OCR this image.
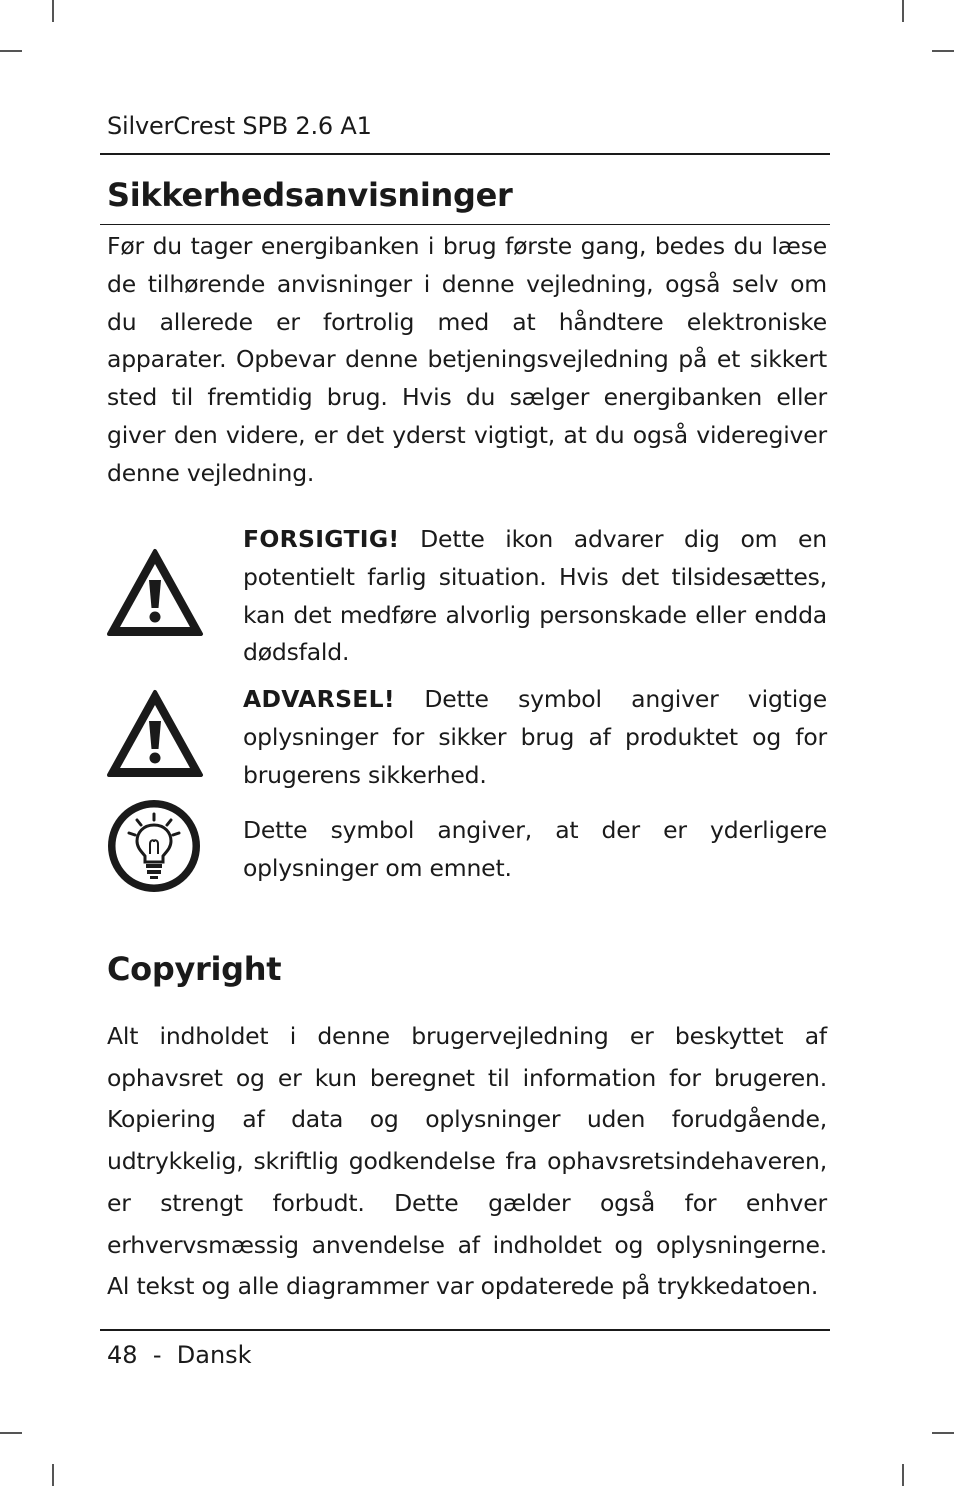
SilverCrest SPB 2.6 A1
Sikkerhedsanvisninger

Før du tager energibanken i brug første gang, bedes du læse de tilhørende anvisninger i denne vejledning, også selv om du allerede er fortrolig med at håndtere elektroniske apparater. Opbevar denne betjeningsvejledning på et sikkert sted til fremtidig brug. Hvis du sælger energibanken eller giver den videre, er det yderst vigtigt, at du også videregiver denne vejledning.

FORSIGTIG! Dette ikon advarer dig om en potentielt farlig situation. Hvis det tilsidesættes, kan det medføre alvorlig personskade eller endda dødsfald.

ADVARSEL! Dette symbol angiver vigtige oplysninger for sikker brug af produktet og for brugerens sikkerhed.

Dette symbol angiver, at der er yderligere oplysninger om emnet.

Copyright

Alt indholdet i denne brugervejledning er beskyttet af ophavsret og er kun beregnet til information for brugeren. Kopiering af data og oplysninger uden forudgående, udtrykkelig, skriftlig godkendelse fra ophavsretsindehaveren, er strengt forbudt. Dette gælder også for enhver erhvervsmæssig anvendelse af indholdet og oplysningerne. Al tekst og alle diagrammer var opdaterede på trykkedatoen.

48 - Dansk
